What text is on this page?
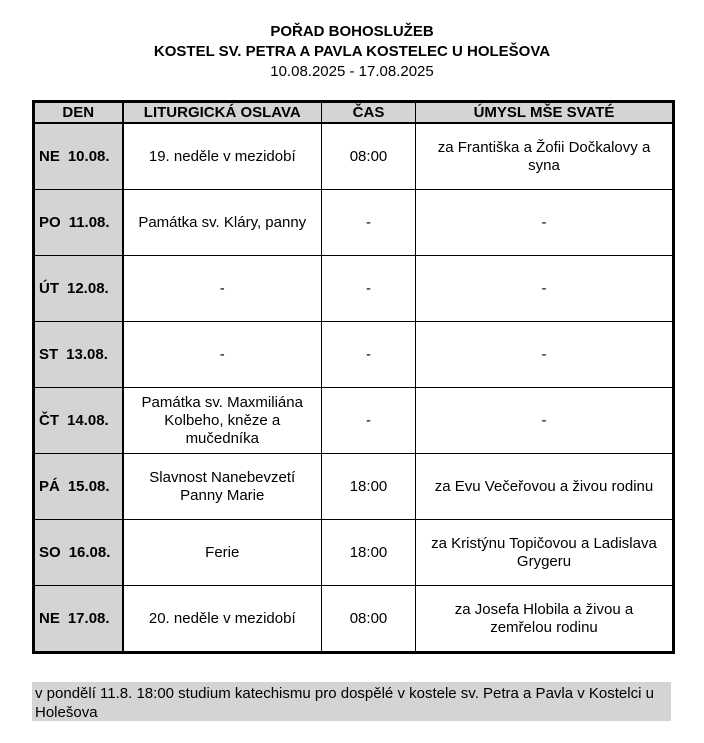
POŘAD BOHOSLUŽEB
KOSTEL SV. PETRA A PAVLA KOSTELEC U HOLEŠOVA
10.08.2025 - 17.08.2025
DEN	LITURGICKÁ OSLAVA	ČAS	ÚMYSL MŠE SVATÉ
NE 10.08.	19. neděle v mezidobí	08:00	za Františka a Žofii Dočkalovy a syna
PO 11.08.	Památka sv. Kláry, panny	-	-
ÚT 12.08.	-	-	-
ST 13.08.	-	-	-
ČT 14.08.	Památka sv. Maxmiliána Kolbeho, kněze a mučedníka	-	-
PÁ 15.08.	Slavnost Nanebevzetí Panny Marie	18:00	za Evu Večeřovou a živou rodinu
SO 16.08.	Ferie	18:00	za Kristýnu Topičovou a Ladislava Grygeru
NE 17.08.	20. neděle v mezidobí	08:00	za Josefa Hlobila a živou a zemřelou rodinu
v pondělí 11.8. 18:00 studium katechismu pro dospělé v kostele sv. Petra a Pavla v Kostelci u Holešova
